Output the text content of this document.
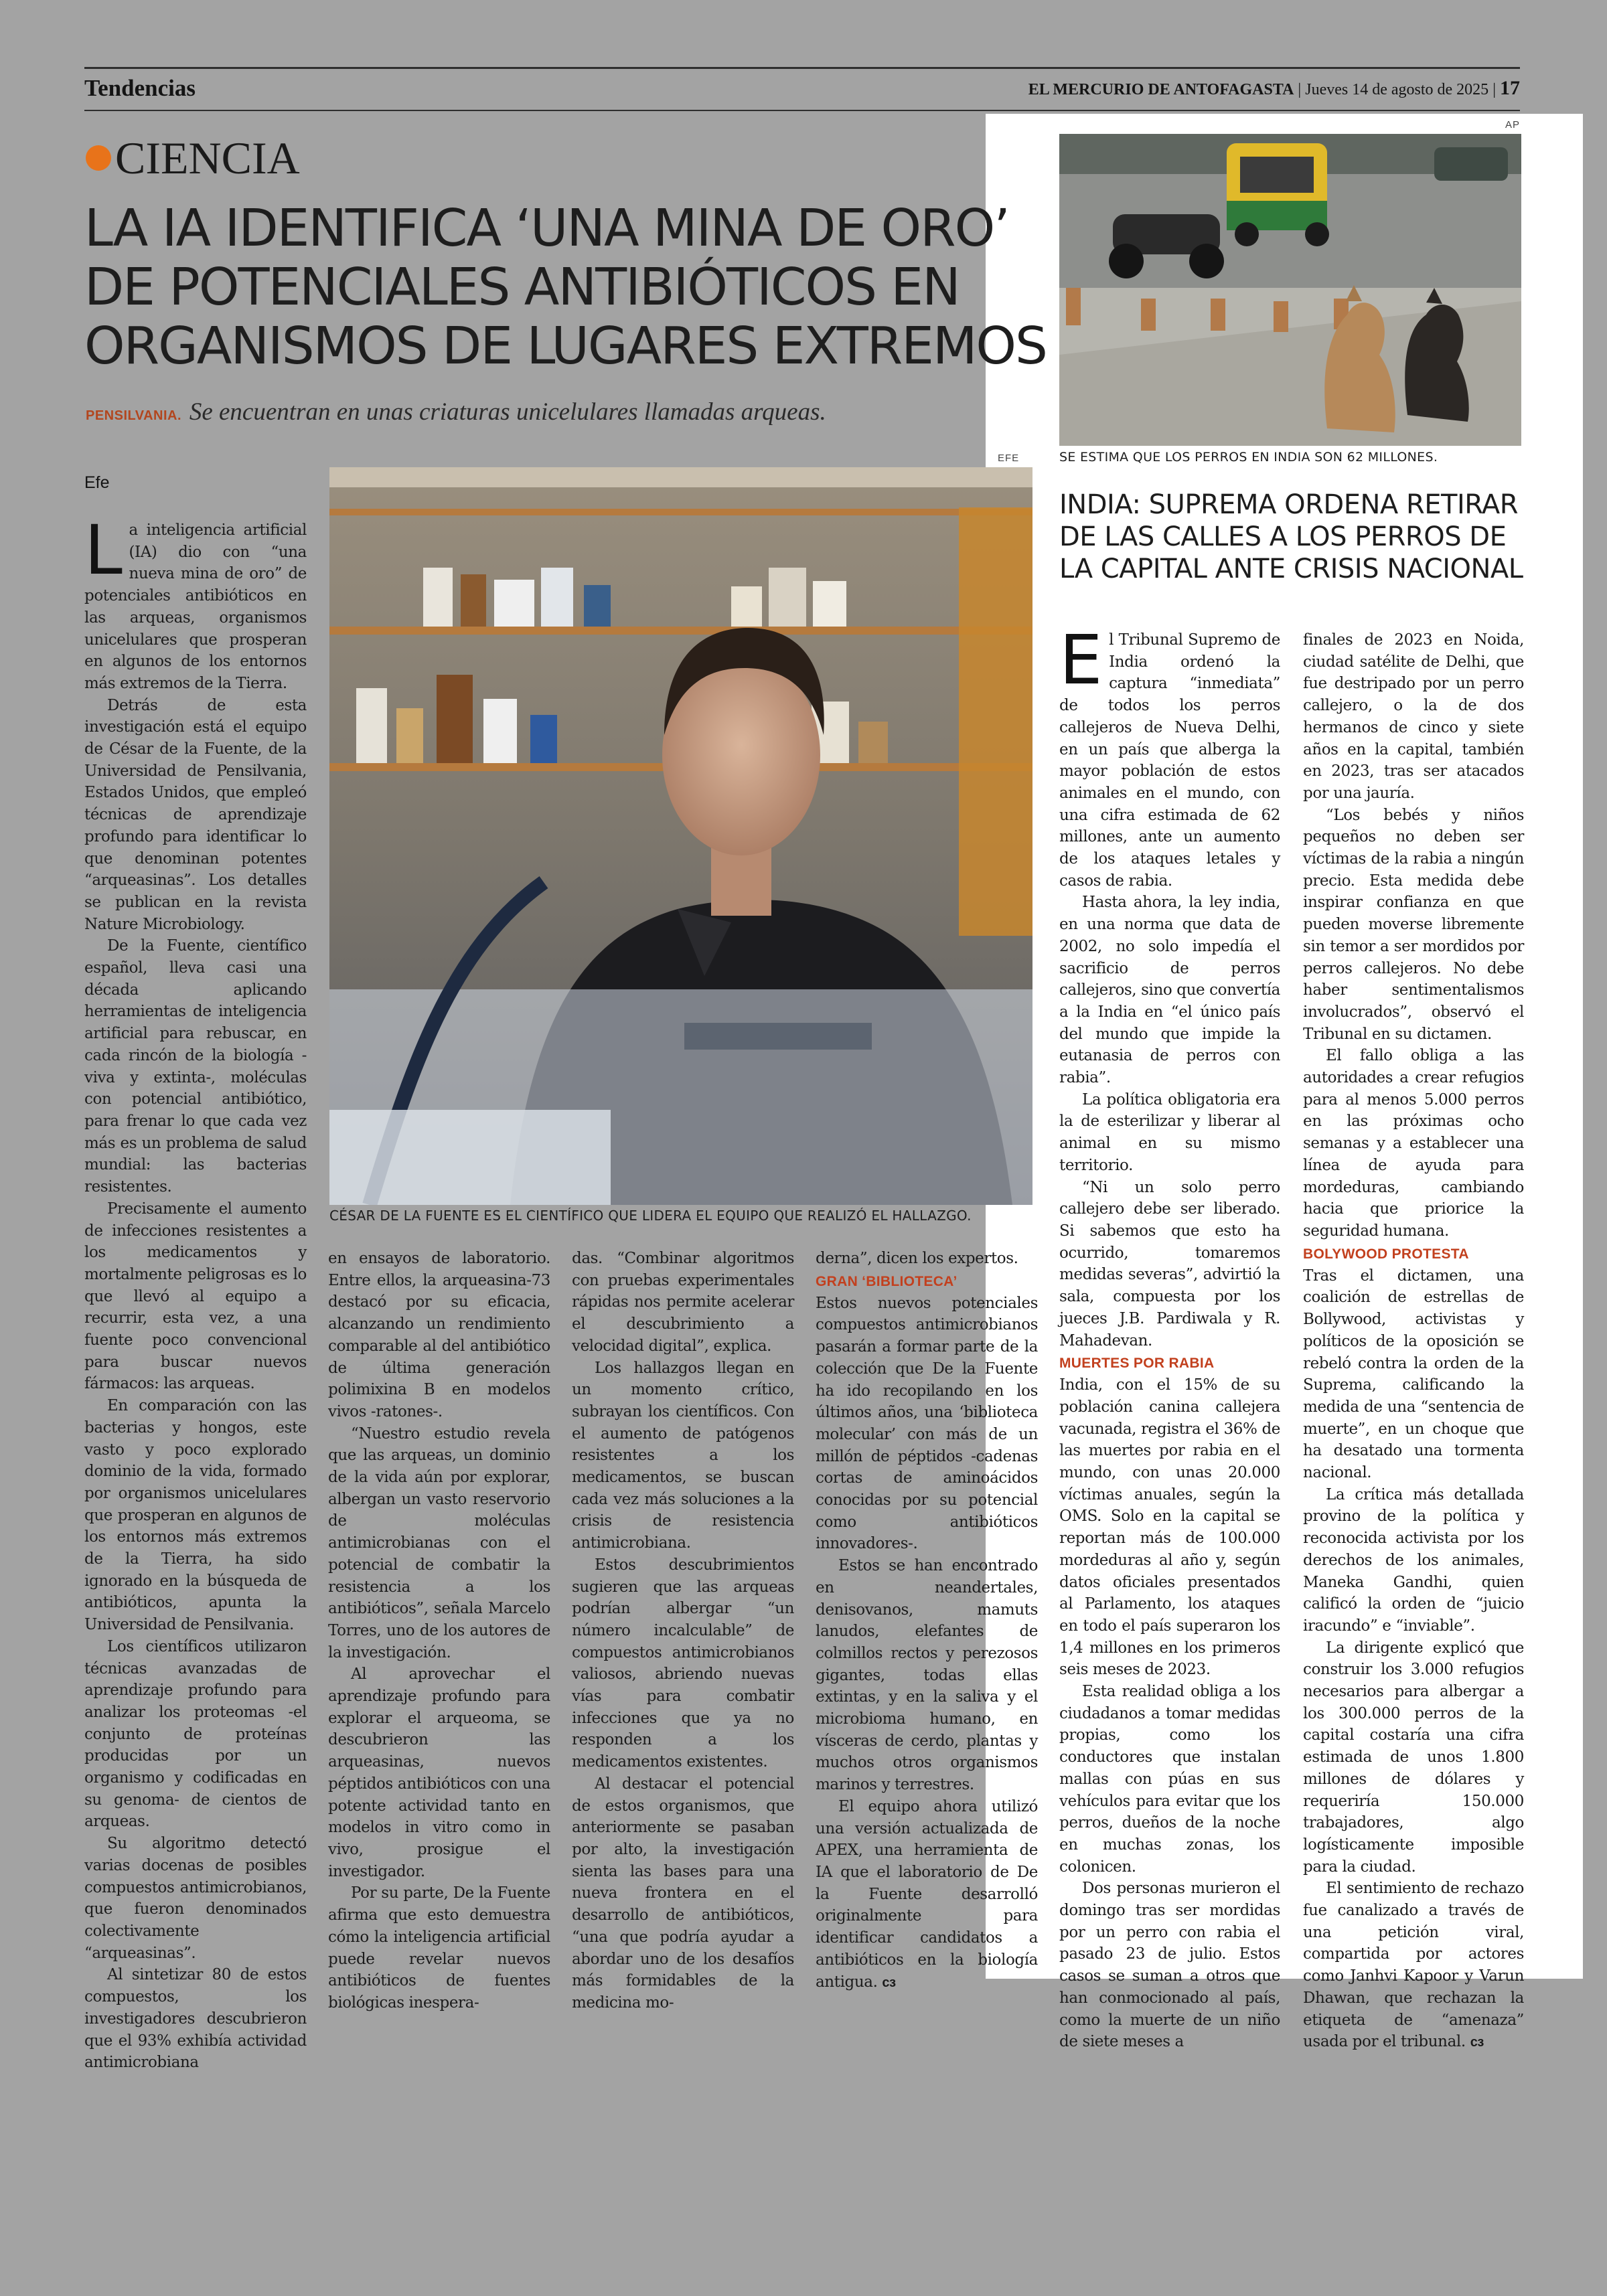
Tendencias	EL MERCURIO DE ANTOFAGASTA | Jueves 14 de agosto de 2025 | 17
CIENCIA
LA IA IDENTIFICA ‘UNA MINA DE ORO’ DE POTENCIALES ANTIBIÓTICOS EN ORGANISMOS DE LUGARES EXTREMOS
PENSILVANIA. Se encuentran en unas criaturas unicelulares llamadas arqueas.
Efe
EFE
CÉSAR DE LA FUENTE ES EL CIENTÍFICO QUE LIDERA EL EQUIPO QUE REALIZÓ EL HALLAZGO.
L a inteligencia artificial (IA) dio con “una nueva mina de oro” de potenciales antibióticos en las arqueas, organismos unicelulares que prosperan en algunos de los entornos más extremos de la Tierra.

Detrás de esta investigación está el equipo de César de la Fuente, de la Universidad de Pensilvania, Estados Unidos, que empleó técnicas de aprendizaje profundo para identificar lo que denominan potentes “arqueasinas”. Los detalles se publican en la revista Nature Microbiology.

De la Fuente, científico español, lleva casi una década aplicando herramientas de inteligencia artificial para rebuscar, en cada rincón de la biología -viva y extinta-, moléculas con potencial antibiótico, para frenar lo que cada vez más es un problema de salud mundial: las bacterias resistentes.

Precisamente el aumento de infecciones resistentes a los medicamentos y mortalmente peligrosas es lo que llevó al equipo a recurrir, esta vez, a una fuente poco convencional para buscar nuevos fármacos: las arqueas.

En comparación con las bacterias y hongos, este vasto y poco explorado dominio de la vida, formado por organismos unicelulares que prosperan en algunos de los entornos más extremos de la Tierra, ha sido ignorado en la búsqueda de antibióticos, apunta la Universidad de Pensilvania.

Los científicos utilizaron técnicas avanzadas de aprendizaje profundo para analizar los proteomas -el conjunto de proteínas producidas por un organismo y codificadas en su genoma- de cientos de arqueas.

Su algoritmo detectó varias docenas de posibles compuestos antimicrobianos, que fueron denominados colectivamente “arqueasinas”.

Al sintetizar 80 de estos compuestos, los investigadores descubrieron que el 93% exhibía actividad antimicrobiana

en ensayos de laboratorio. Entre ellos, la arqueasina-73 destacó por su eficacia, alcanzando un rendimiento comparable al del antibiótico de última generación polimixina B en modelos vivos -ratones-.

“Nuestro estudio revela que las arqueas, un dominio de la vida aún por explorar, albergan un vasto reservorio de moléculas antimicrobianas con el potencial de combatir la resistencia a los antibióticos”, señala Marcelo Torres, uno de los autores de la investigación.

Al aprovechar el aprendizaje profundo para explorar el arqueoma, se descubrieron las arqueasinas, nuevos péptidos antibióticos con una potente actividad tanto en modelos in vitro como in vivo, prosigue el investigador.

Por su parte, De la Fuente afirma que esto demuestra cómo la inteligencia artificial puede revelar nuevos antibióticos de fuentes biológicas inespera-

das. “Combinar algoritmos con pruebas experimentales rápidas nos permite acelerar el descubrimiento a velocidad digital”, explica.

Los hallazgos llegan en un momento crítico, subrayan los científicos. Con el aumento de patógenos resistentes a los medicamentos, se buscan cada vez más soluciones a la crisis de resistencia antimicrobiana.

Estos descubrimientos sugieren que las arqueas podrían albergar “un número incalculable” de compuestos antimicrobianos valiosos, abriendo nuevas vías para combatir infecciones que ya no responden a los medicamentos existentes.

Al destacar el potencial de estos organismos, que anteriormente se pasaban por alto, la investigación sienta las bases para una nueva frontera en el desarrollo de antibióticos, “una que podría ayudar a abordar uno de los desafíos más formidables de la medicina mo-

derna”, dicen los expertos.

GRAN ‘BIBLIOTECA’

Estos nuevos potenciales compuestos antimicrobianos pasarán a formar parte de la colección que De la Fuente ha ido recopilando en los últimos años, una ‘biblioteca molecular’ con más de un millón de péptidos -cadenas cortas de aminoácidos conocidas por su potencial como antibióticos innovadores-.

Estos se han encontrado en neandertales, denisovanos, mamuts lanudos, elefantes de colmillos rectos y perezosos gigantes, todas ellas extintas, y en la saliva y el microbioma humano, en vísceras de cerdo, plantas y muchos otros organismos marinos y terrestres.

El equipo ahora utilizó una versión actualizada de APEX, una herramienta de IA que el laboratorio de De la Fuente desarrolló originalmente para identificar candidatos a antibióticos en la biología antigua. cɜ

AP
SE ESTIMA QUE LOS PERROS EN INDIA SON 62 MILLONES.
INDIA: SUPREMA ORDENA RETIRAR DE LAS CALLES A LOS PERROS DE LA CAPITAL ANTE CRISIS NACIONAL
E l Tribunal Supremo de India ordenó la captura “inmediata” de todos los perros callejeros de Nueva Delhi, en un país que alberga la mayor población de estos animales en el mundo, con una cifra estimada de 62 millones, ante un aumento de los ataques letales y casos de rabia.

Hasta ahora, la ley india, en una norma que data de 2002, no solo impedía el sacrificio de perros callejeros, sino que convertía a la India en “el único país del mundo que impide la eutanasia de perros con rabia”.

La política obligatoria era la de esterilizar y liberar al animal en su mismo territorio.

“Ni un solo perro callejero debe ser liberado. Si sabemos que esto ha ocurrido, tomaremos medidas severas”, advirtió la sala, compuesta por los jueces J.B. Pardiwala y R. Mahadevan.

MUERTES POR RABIA

India, con el 15% de su población canina callejera vacunada, registra el 36% de las muertes por rabia en el mundo, con unas 20.000 víctimas anuales, según la OMS. Solo en la capital se reportan más de 100.000 mordeduras al año y, según datos oficiales presentados al Parlamento, los ataques en todo el país superaron los 1,4 millones en los primeros seis meses de 2023.

Esta realidad obliga a los ciudadanos a tomar medidas propias, como los conductores que instalan mallas con púas en sus vehículos para evitar que los perros, dueños de la noche en muchas zonas, los colonicen.

Dos personas murieron el domingo tras ser mordidas por un perro con rabia el pasado 23 de julio. Estos casos se suman a otros que han conmocionado al país, como la muerte de un niño de siete meses a

finales de 2023 en Noida, ciudad satélite de Delhi, que fue destripado por un perro callejero, o la de dos hermanos de cinco y siete años en la capital, también en 2023, tras ser atacados por una jauría.

“Los bebés y niños pequeños no deben ser víctimas de la rabia a ningún precio. Esta medida debe inspirar confianza en que pueden moverse libremente sin temor a ser mordidos por perros callejeros. No debe haber sentimentalismos involucrados”, observó el Tribunal en su dictamen.

El fallo obliga a las autoridades a crear refugios para al menos 5.000 perros en las próximas ocho semanas y a establecer una línea de ayuda para mordeduras, cambiando hacia que priorice la seguridad humana.

BOLYWOOD PROTESTA

Tras el dictamen, una coalición de estrellas de Bollywood, activistas y políticos de la oposición se rebeló contra la orden de la Suprema, calificando la medida de una “sentencia de muerte”, en un choque que ha desatado una tormenta nacional.

La crítica más detallada provino de la política y reconocida activista por los derechos de los animales, Maneka Gandhi, quien calificó la orden de “juicio iracundo” e “inviable”.

La dirigente explicó que construir los 3.000 refugios necesarios para albergar a los 300.000 perros de la capital costaría una cifra estimada de unos 1.800 millones de dólares y requeriría 150.000 trabajadores, algo logísticamente imposible para la ciudad.

El sentimiento de rechazo fue canalizado a través de una petición viral, compartida por actores como Janhvi Kapoor y Varun Dhawan, que rechazan la etiqueta de “amenaza” usada por el tribunal. cɜ
